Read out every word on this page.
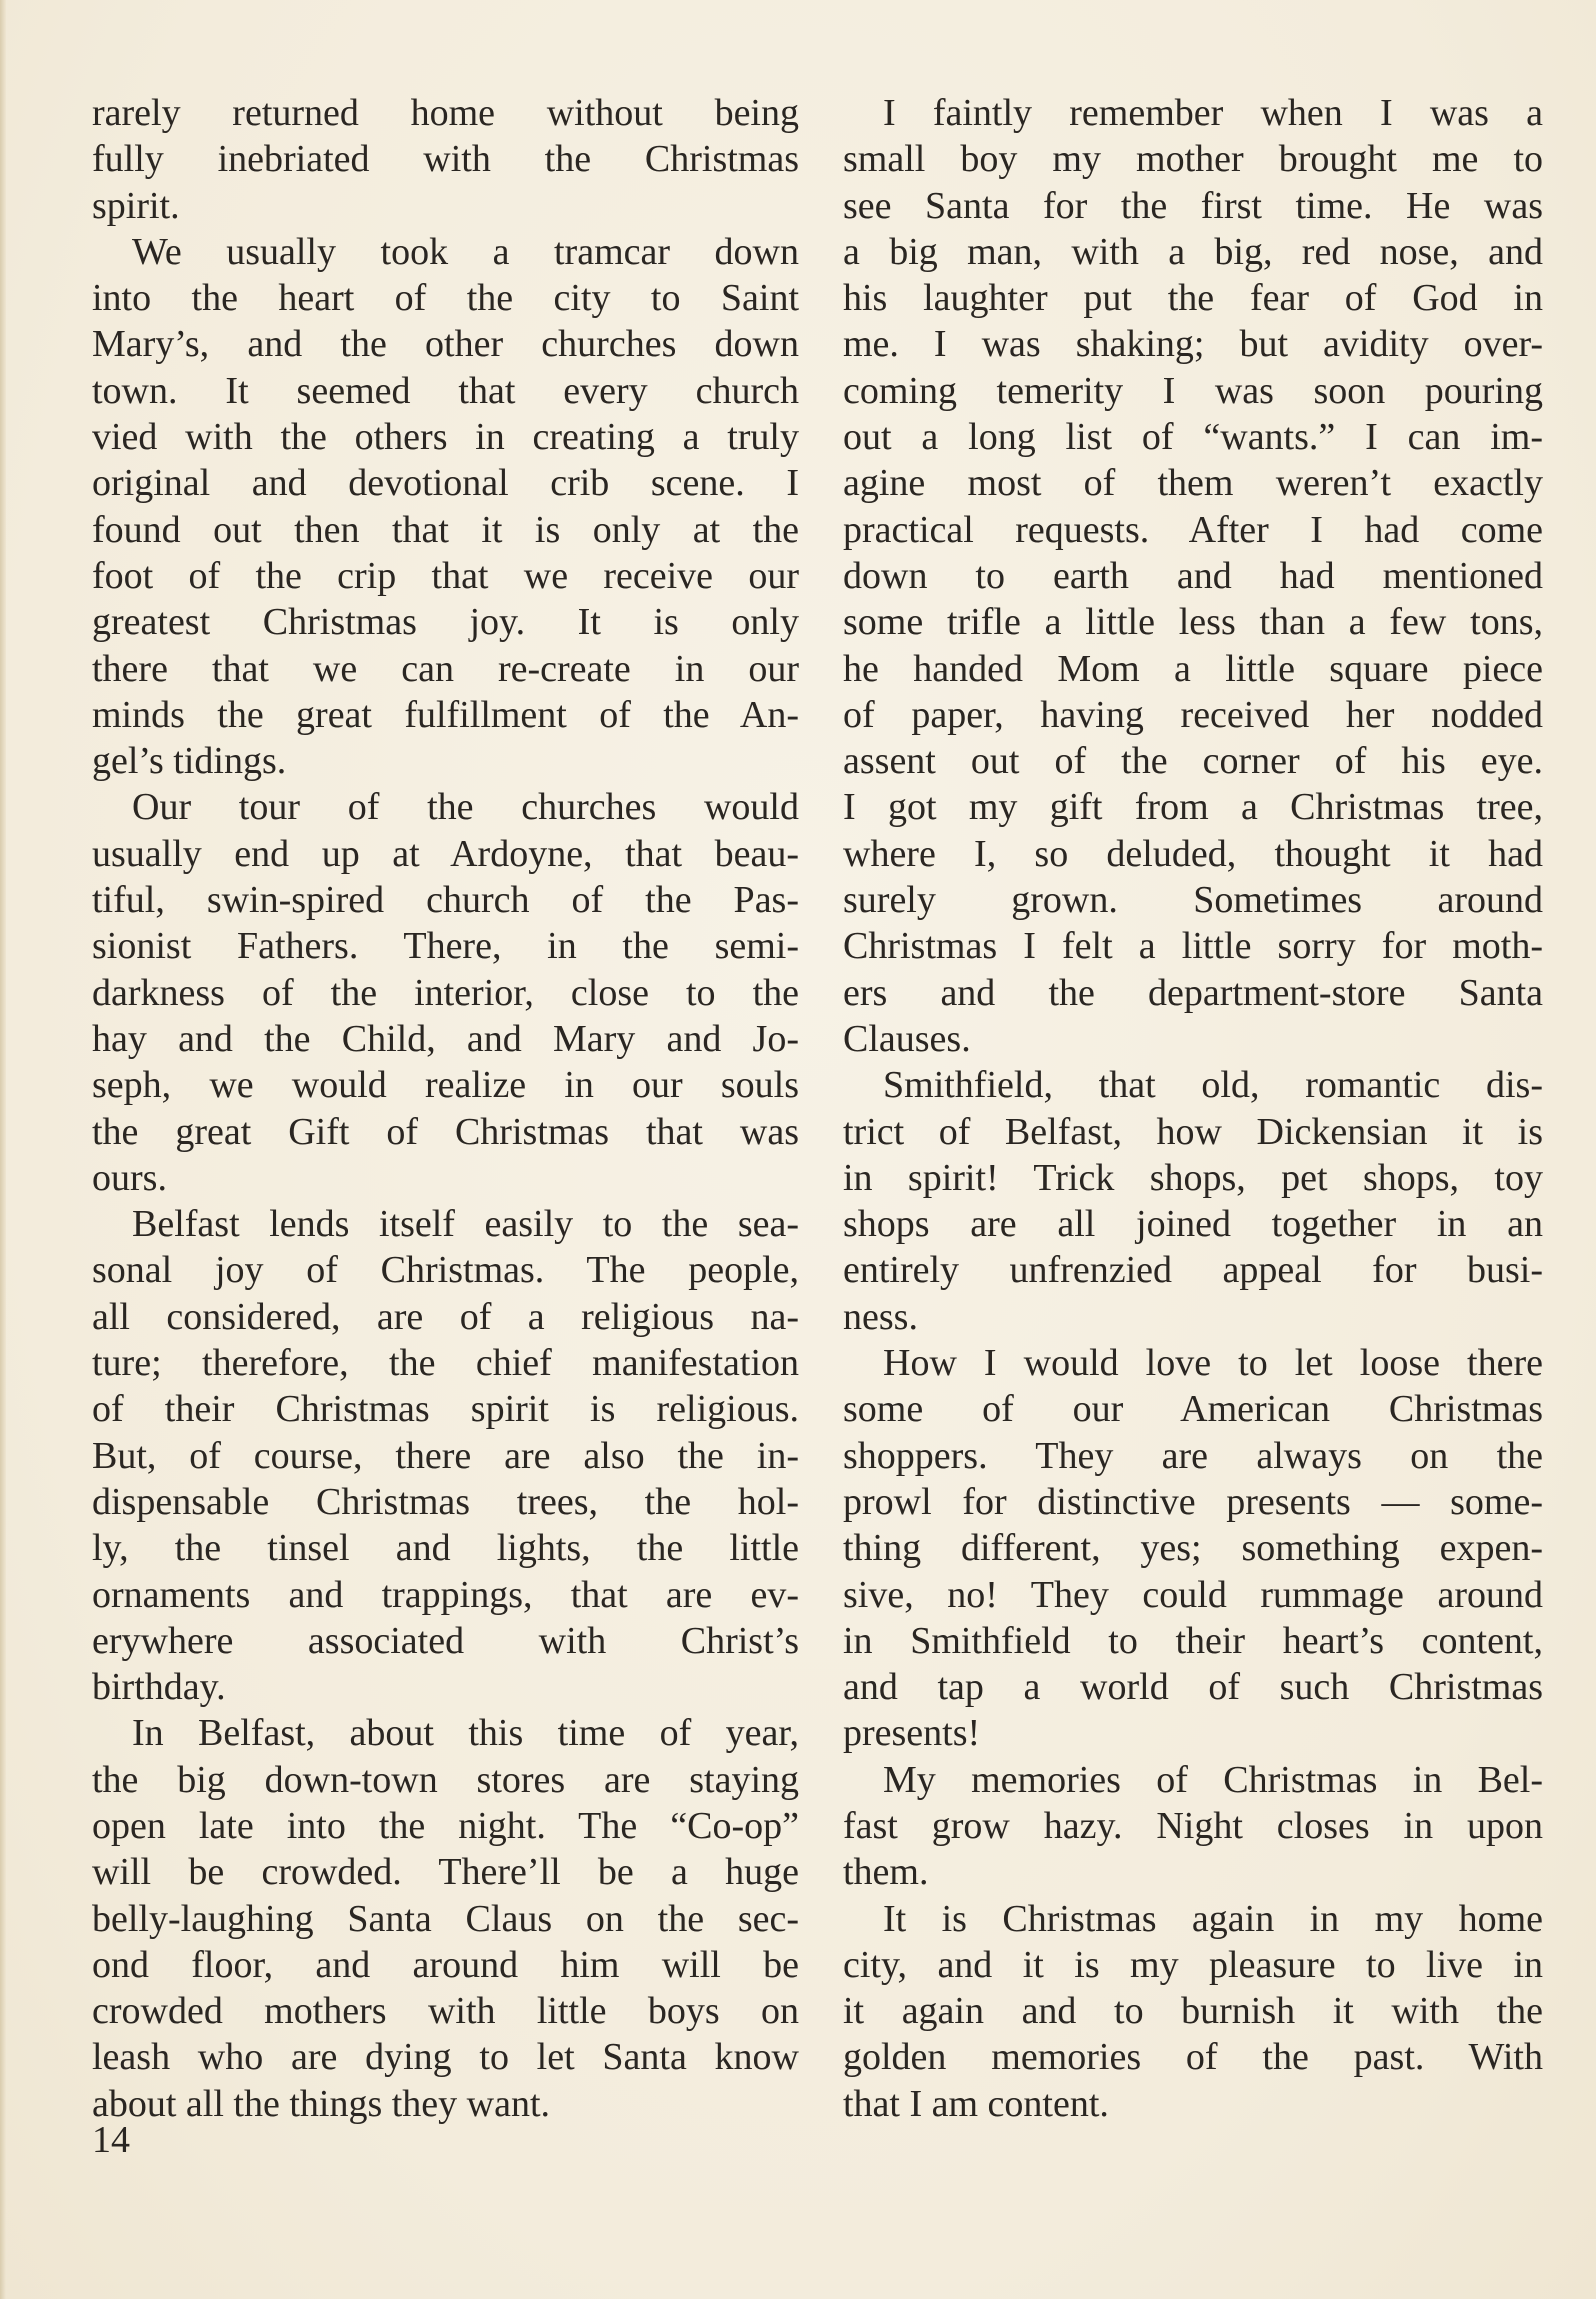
rarely returned home without being
fully inebriated with the Christmas
spirit.
We usually took a tramcar down
into the heart of the city to Saint
Mary’s, and the other churches down
town. It seemed that every church
vied with the others in creating a truly
original and devotional crib scene. I
found out then that it is only at the
foot of the crip that we receive our
greatest Christmas joy. It is only
there that we can re-create in our
minds the great fulfillment of the An-
gel’s tidings.
Our tour of the churches would
usually end up at Ardoyne, that beau-
tiful, swin-spired church of the Pas-
sionist Fathers. There, in the semi-
darkness of the interior, close to the
hay and the Child, and Mary and Jo-
seph, we would realize in our souls
the great Gift of Christmas that was
ours.
Belfast lends itself easily to the sea-
sonal joy of Christmas. The people,
all considered, are of a religious na-
ture; therefore, the chief manifestation
of their Christmas spirit is religious.
But, of course, there are also the in-
dispensable Christmas trees, the hol-
ly, the tinsel and lights, the little
ornaments and trappings, that are ev-
erywhere associated with Christ’s
birthday.
In Belfast, about this time of year,
the big down-town stores are staying
open late into the night. The “Co-op”
will be crowded. There’ll be a huge
belly-laughing Santa Claus on the sec-
ond floor, and around him will be
crowded mothers with little boys on
leash who are dying to let Santa know
about all the things they want.
I faintly remember when I was a
small boy my mother brought me to
see Santa for the first time. He was
a big man, with a big, red nose, and
his laughter put the fear of God in
me. I was shaking; but avidity over-
coming temerity I was soon pouring
out a long list of “wants.” I can im-
agine most of them weren’t exactly
practical requests. After I had come
down to earth and had mentioned
some trifle a little less than a few tons,
he handed Mom a little square piece
of paper, having received her nodded
assent out of the corner of his eye.
I got my gift from a Christmas tree,
where I, so deluded, thought it had
surely grown. Sometimes around
Christmas I felt a little sorry for moth-
ers and the department-store Santa
Clauses.
Smithfield, that old, romantic dis-
trict of Belfast, how Dickensian it is
in spirit! Trick shops, pet shops, toy
shops are all joined together in an
entirely unfrenzied appeal for busi-
ness.
How I would love to let loose there
some of our American Christmas
shoppers. They are always on the
prowl for distinctive presents — some-
thing different, yes; something expen-
sive, no! They could rummage around
in Smithfield to their heart’s content,
and tap a world of such Christmas
presents!
My memories of Christmas in Bel-
fast grow hazy. Night closes in upon
them.
It is Christmas again in my home
city, and it is my pleasure to live in
it again and to burnish it with the
golden memories of the past. With
that I am content.
14
